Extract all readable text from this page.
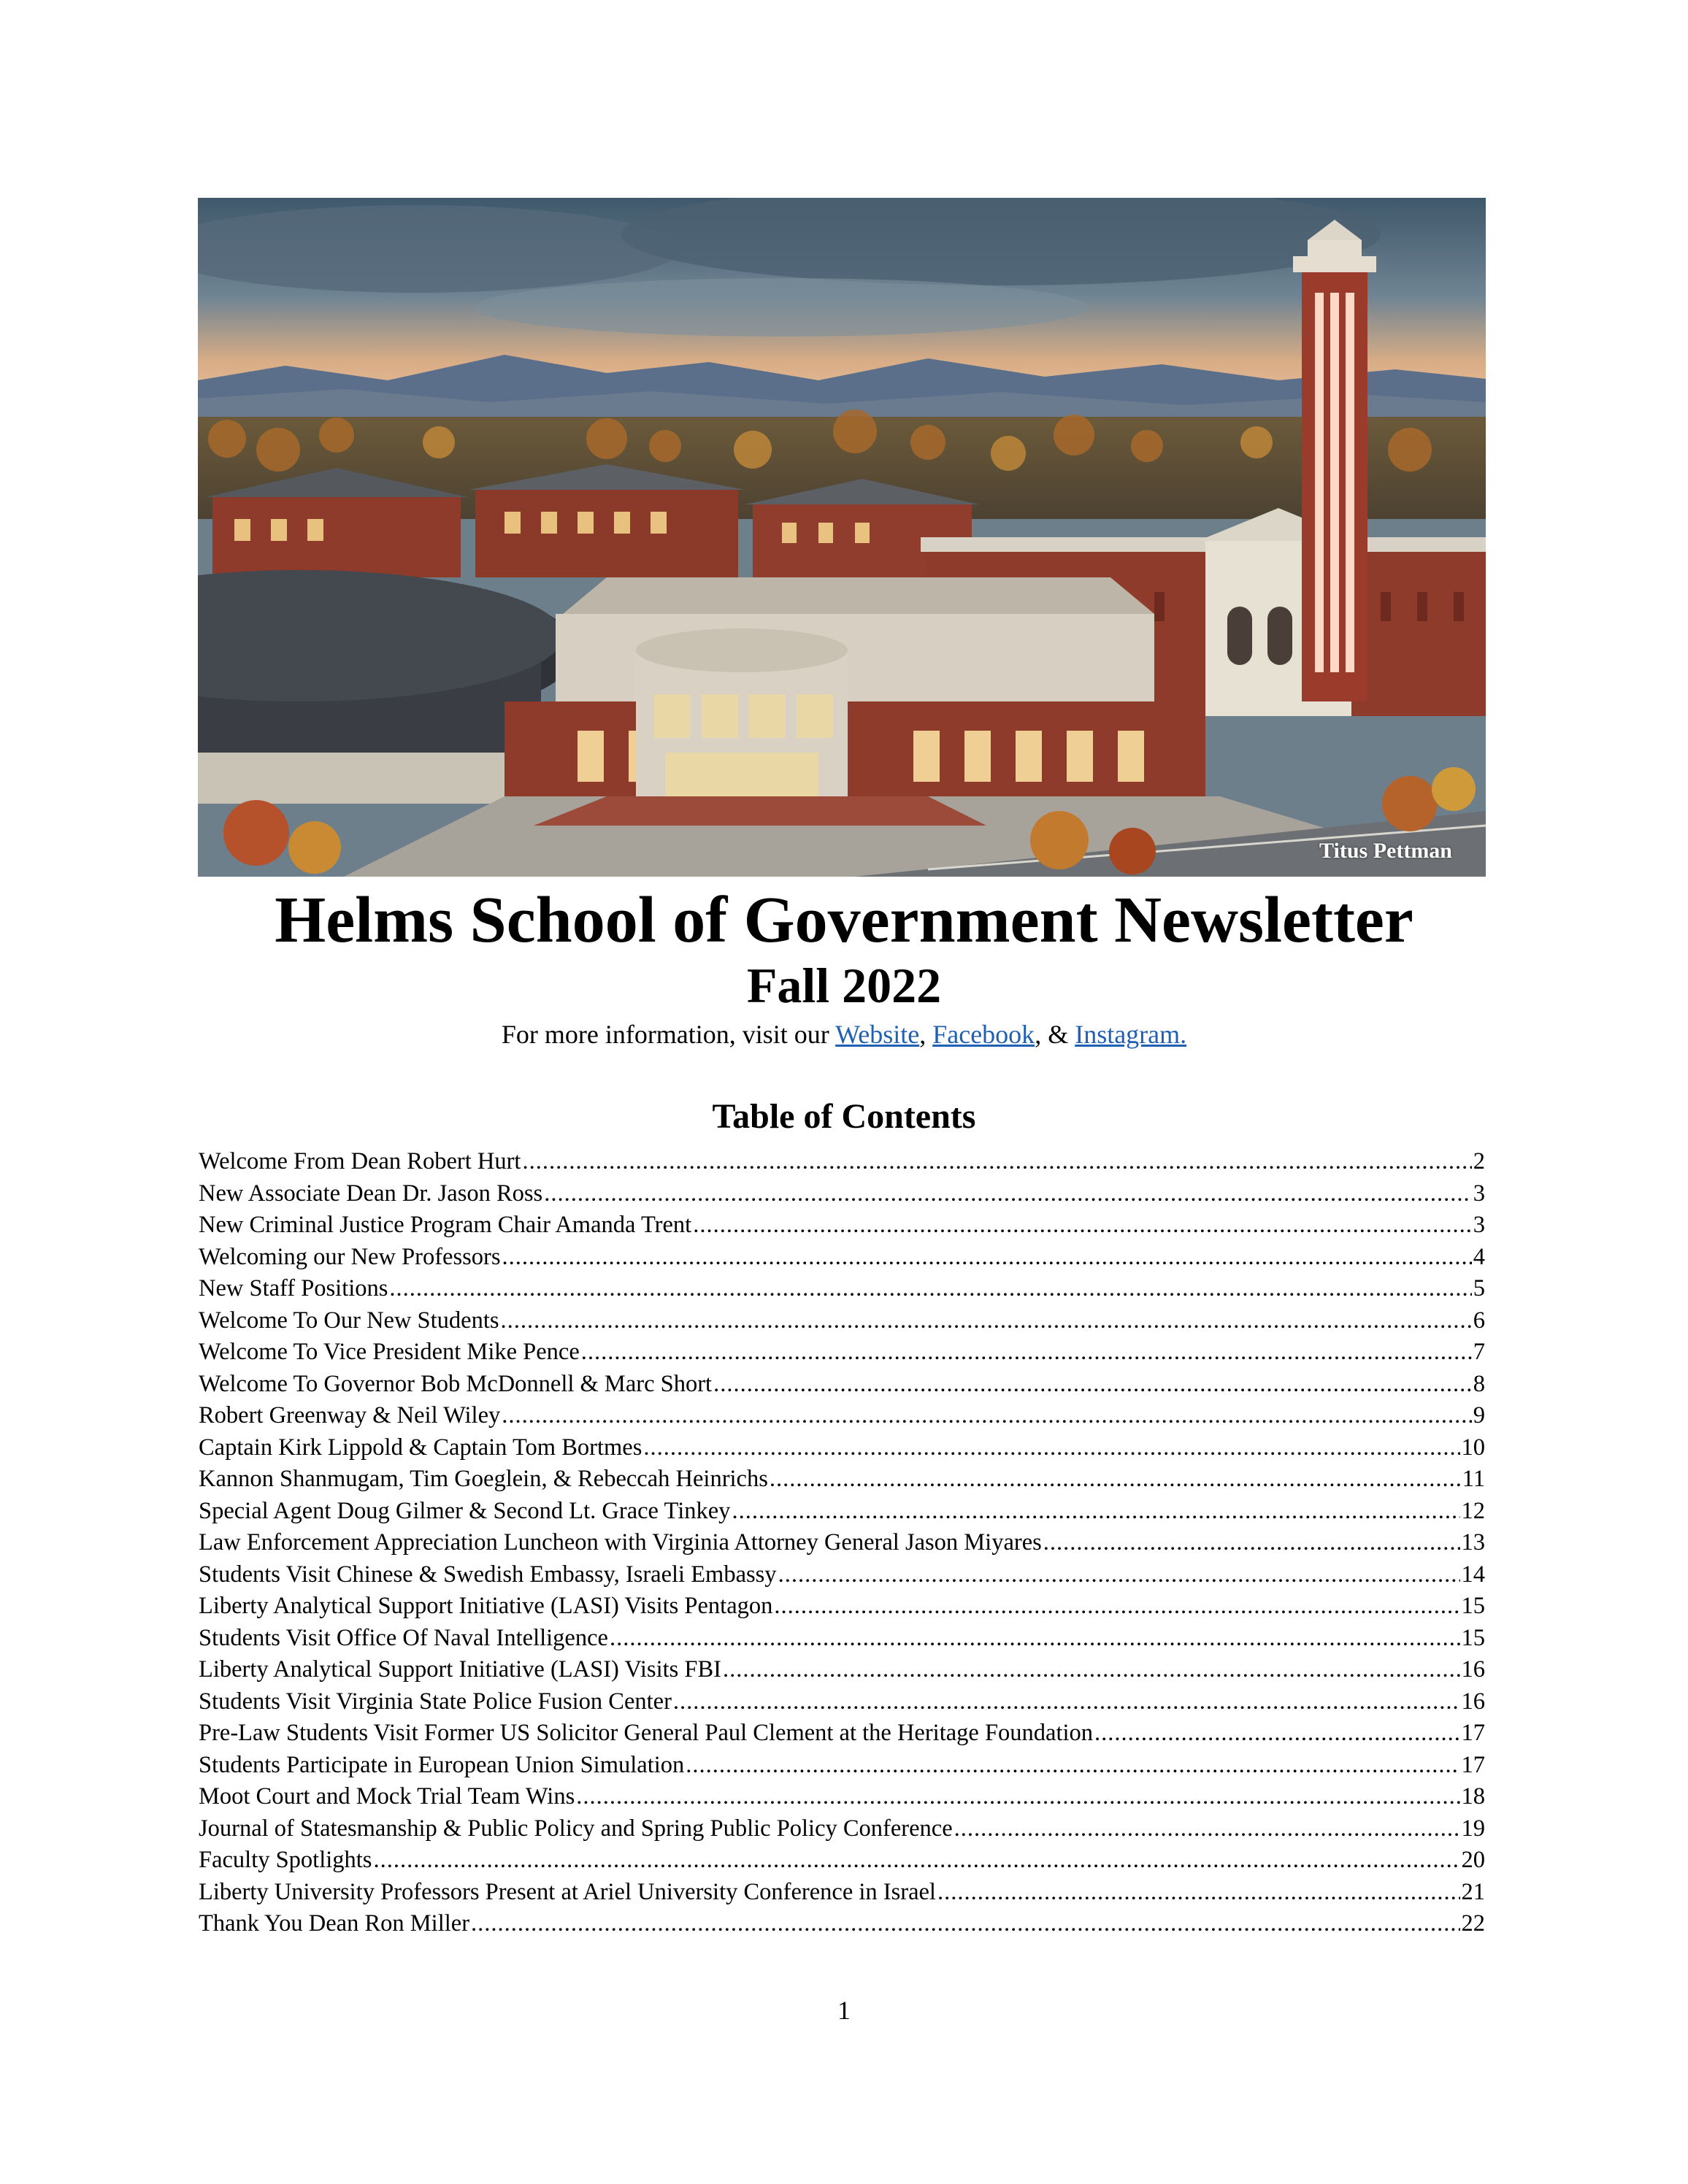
Titus Pettman
Helms School of Government Newsletter
Fall 2022
For more information, visit our Website, Facebook, & Instagram.
Table of Contents
Welcome From Dean Robert Hurt .....	2
New Associate Dean Dr. Jason Ross .....	3
New Criminal Justice Program Chair Amanda Trent .....	3
Welcoming our New Professors .....	4
New Staff Positions .....	5
Welcome To Our New Students .....	6
Welcome To Vice President Mike Pence .....	7
Welcome To Governor Bob McDonnell & Marc Short .....	8
Robert Greenway & Neil Wiley .....	9
Captain Kirk Lippold & Captain Tom Bortmes .....	10
Kannon Shanmugam, Tim Goeglein, & Rebeccah Heinrichs .....	11
Special Agent Doug Gilmer & Second Lt. Grace Tinkey .....	12
Law Enforcement Appreciation Luncheon with Virginia Attorney General Jason Miyares .....	13
Students Visit Chinese & Swedish Embassy, Israeli Embassy .....	14
Liberty Analytical Support Initiative (LASI) Visits Pentagon .....	15
Students Visit Office Of Naval Intelligence .....	15
Liberty Analytical Support Initiative (LASI) Visits FBI .....	16
Students Visit Virginia State Police Fusion Center .....	16
Pre-Law Students Visit Former US Solicitor General Paul Clement at the Heritage Foundation .....	17
Students Participate in European Union Simulation .....	17
Moot Court and Mock Trial Team Wins .....	18
Journal of Statesmanship & Public Policy and Spring Public Policy Conference .....	19
Faculty Spotlights .....	20
Liberty University Professors Present at Ariel University Conference in Israel .....	21
Thank You Dean Ron Miller .....	22
1
